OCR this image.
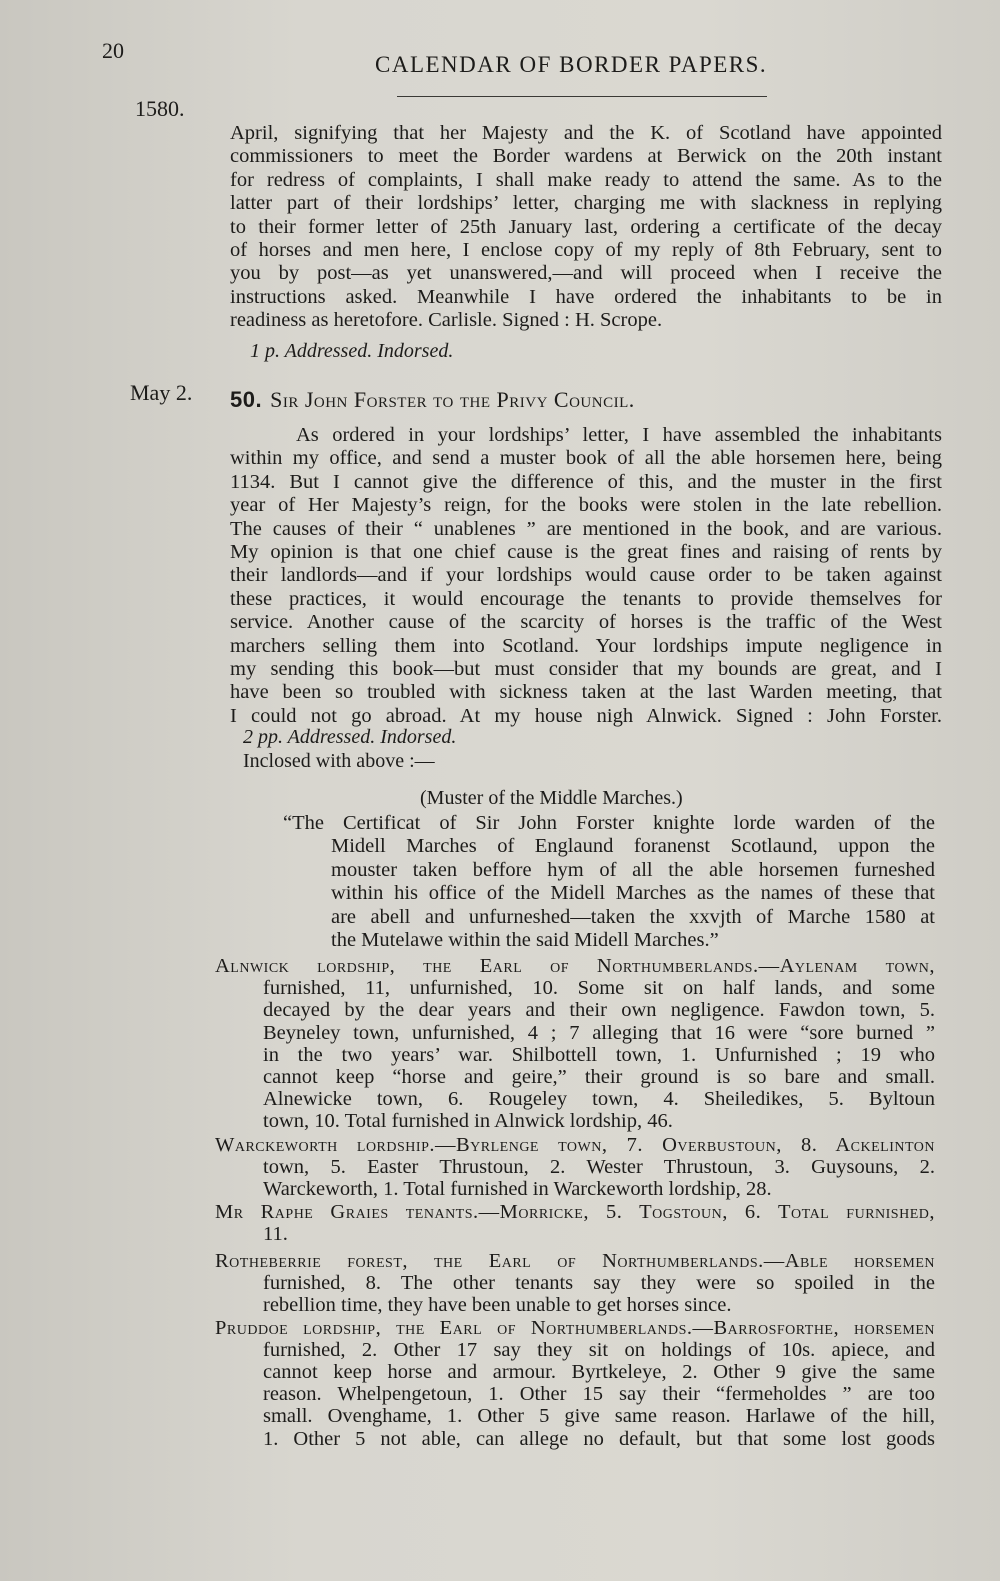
20
CALENDAR OF BORDER PAPERS.
1580.

April, signifying that her Majesty and the K. of Scotland have appointed
commissioners to meet the Border wardens at Berwick on the 20th instant
for redress of complaints, I shall make ready to attend the same. As to the
latter part of their lordships’ letter, charging me with slackness in replying
to their former letter of 25th January last, ordering a certificate of the decay
of horses and men here, I enclose copy of my reply of 8th February, sent to
you by post—as yet unanswered,—and will proceed when I receive the
instructions asked. Meanwhile I have ordered the inhabitants to be in
readiness as heretofore. Carlisle. Signed : H. Scrope.

1 p. Addressed. Indorsed.
May 2. 50. Sir John Forster to the Privy Council.

As ordered in your lordships’ letter, I have assembled the inhabitants
within my office, and send a muster book of all the able horsemen here, being
1134. But I cannot give the difference of this, and the muster in the first
year of Her Majesty’s reign, for the books were stolen in the late rebellion.
The causes of their “ unablenes ” are mentioned in the book, and are various.
My opinion is that one chief cause is the great fines and raising of rents by
their landlords—and if your lordships would cause order to be taken against
these practices, it would encourage the tenants to provide themselves for
service. Another cause of the scarcity of horses is the traffic of the West
marchers selling them into Scotland. Your lordships impute negligence in
my sending this book—but must consider that my bounds are great, and I
have been so troubled with sickness taken at the last Warden meeting, that
I could not go abroad. At my house nigh Alnwick. Signed : John Forster.

2 pp. Addressed. Indorsed.
Inclosed with above :—
(Muster of the Middle Marches.)

“The Certificat of Sir John Forster knighte lorde warden of the
Midell Marches of Englaund foranenst Scotlaund, uppon the
mouster taken beffore hym of all the able horsemen furneshed
within his office of the Midell Marches as the names of these that
are abell and unfurneshed—taken the xxvjth of Marche 1580 at
the Mutelawe within the said Midell Marches.”

Alnwick lordship, the Earl of Northumberlands.—Aylenam town,
furnished, 11, unfurnished, 10. Some sit on half lands, and some
decayed by the dear years and their own negligence. Fawdon town, 5.
Beyneley town, unfurnished, 4 ; 7 alleging that 16 were “sore burned ”
in the two years’ war. Shilbottell town, 1. Unfurnished ; 19 who
cannot keep “horse and geire,” their ground is so bare and small.
Alnewicke town, 6. Rougeley town, 4. Sheiledikes, 5. Byltoun
town, 10. Total furnished in Alnwick lordship, 46.

Warckeworth lordship.—Byrlenge town, 7. Overbustoun, 8. Ackelinton
town, 5. Easter Thrustoun, 2. Wester Thrustoun, 3. Guysouns, 2.
Warckeworth, 1. Total furnished in Warckeworth lordship, 28.
Mr Raphe Graies tenants.—Morricke, 5. Togstoun, 6. Total furnished,
11.

Rotheberrie forest, the Earl of Northumberlands.—Able horsemen
furnished, 8. The other tenants say they were so spoiled in the
rebellion time, they have been unable to get horses since.
Pruddoe lordship, the Earl of Northumberlands.—Barrosforthe, horsemen
furnished, 2. Other 17 say they sit on holdings of 10s. apiece, and
cannot keep horse and armour. Byrtkeleye, 2. Other 9 give the same
reason. Whelpengetoun, 1. Other 15 say their “fermeholdes ” are too
small. Ovenghame, 1. Other 5 give same reason. Harlawe of the hill,
1. Other 5 not able, can allege no default, but that some lost goods
